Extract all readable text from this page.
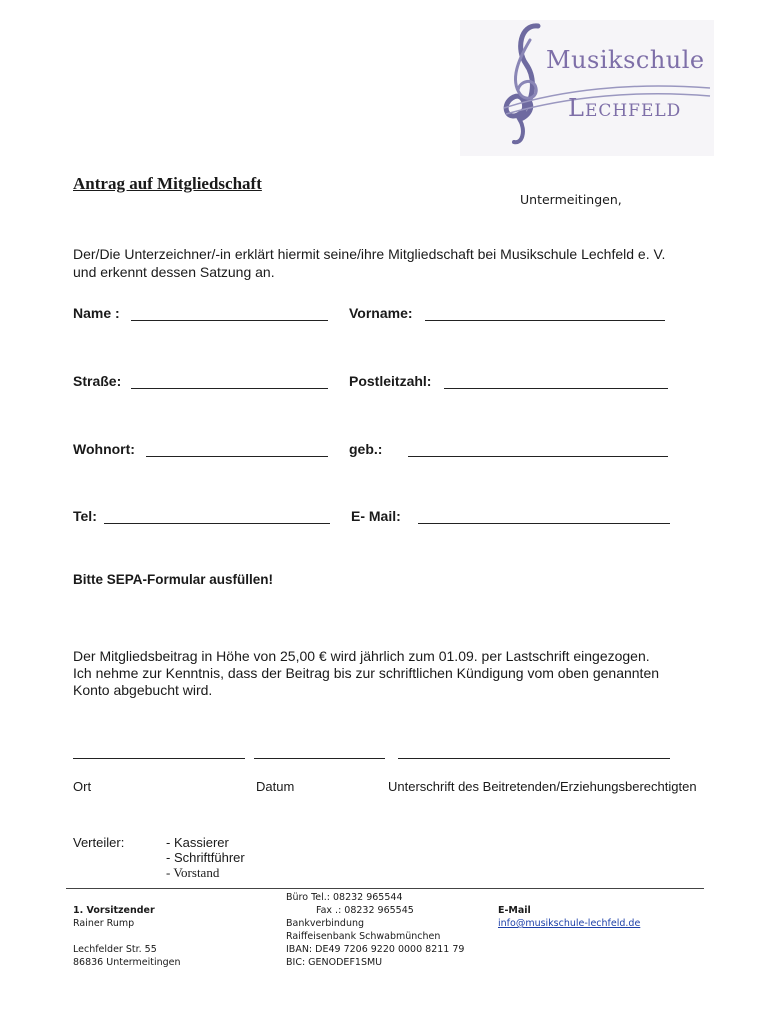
Musikschule
Lechfeld
Antrag auf Mitgliedschaft
Untermeitingen,
Der/Die Unterzeichner/-in erklärt hiermit seine/ihre Mitgliedschaft bei Musikschule Lechfeld e. V.
und erkennt dessen Satzung an.
Name :	Vorname:
Straße:	Postleitzahl:
Wohnort:	geb.:
Tel:	E- Mail:
Bitte SEPA-Formular ausfüllen!
Der Mitgliedsbeitrag in Höhe von 25,00 € wird jährlich zum 01.09. per Lastschrift eingezogen.
Ich nehme zur Kenntnis, dass der Beitrag bis zur schriftlichen Kündigung vom oben genannten
Konto abgebucht wird.
Ort	Datum	Unterschrift des Beitretenden/Erziehungsberechtigten
Verteiler:	- Kassierer
- Schriftführer
- Vorstand
1. Vorsitzender
Rainer Rump
Lechfelder Str. 55
86836 Untermeitingen
Büro Tel.: 08232 965544
Fax .: 08232 965545
Bankverbindung
Raiffeisenbank Schwabmünchen
IBAN: DE49 7206 9220 0000 8211 79
BIC: GENODEF1SMU
E-Mail
info@musikschule-lechfeld.de
